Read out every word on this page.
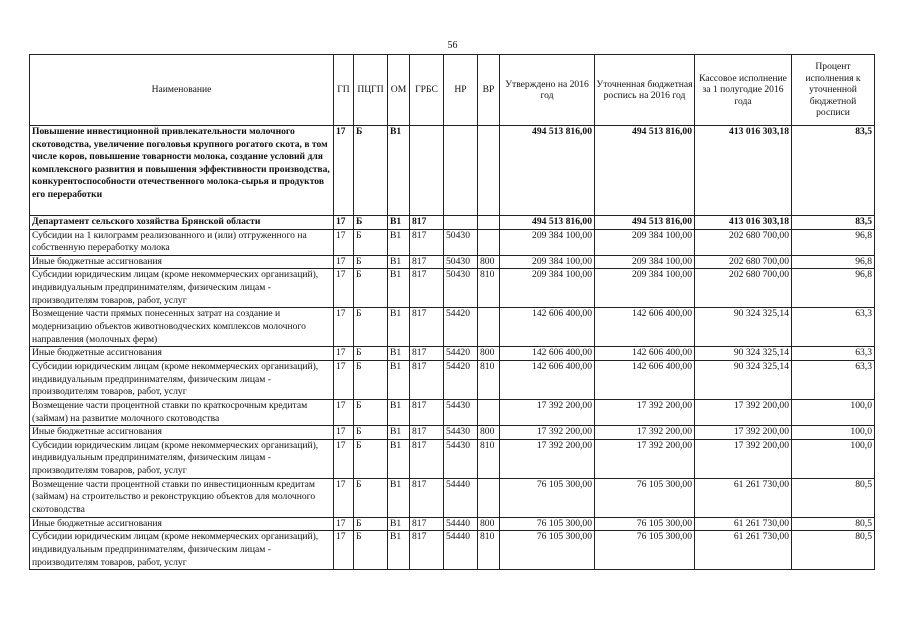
56
Наименование	ГП	ПЦГП	ОМ	ГРБС	НР	ВР	Утверждено на 2016 год	Уточненная бюджетная роспись на 2016 год	Кассовое исполнение за 1 полугодие 2016 года	Процент исполнения к уточненной бюджетной росписи
Повышение инвестиционной привлекательности молочного скотоводства, увеличение поголовья крупного рогатого скота, в том числе коров, повышение товарности молока, создание условий для комплексного развития и повышения эффективности производства, конкурентоспособности отечественного молока-сырья и продуктов его переработки	17	Б	В1				494 513 816,00	494 513 816,00	413 016 303,18	83,5
Департамент сельского хозяйства Брянской области	17	Б	В1	817			494 513 816,00	494 513 816,00	413 016 303,18	83,5
Субсидии на 1 килограмм реализованного и (или) отгруженного на собственную переработку молока	17	Б	В1	817	50430		209 384 100,00	209 384 100,00	202 680 700,00	96,8
Иные бюджетные ассигнования	17	Б	В1	817	50430	800	209 384 100,00	209 384 100,00	202 680 700,00	96,8
Субсидии юридическим лицам (кроме некоммерческих организаций), индивидуальным предпринимателям, физическим лицам - производителям товаров, работ, услуг	17	Б	В1	817	50430	810	209 384 100,00	209 384 100,00	202 680 700,00	96,8
Возмещение части прямых понесенных затрат на создание и модернизацию объектов животноводческих комплексов молочного направления (молочных ферм)	17	Б	В1	817	54420		142 606 400,00	142 606 400,00	90 324 325,14	63,3
Иные бюджетные ассигнования	17	Б	В1	817	54420	800	142 606 400,00	142 606 400,00	90 324 325,14	63,3
Субсидии юридическим лицам (кроме некоммерческих организаций), индивидуальным предпринимателям, физическим лицам - производителям товаров, работ, услуг	17	Б	В1	817	54420	810	142 606 400,00	142 606 400,00	90 324 325,14	63,3
Возмещение части процентной ставки по краткосрочным кредитам (займам) на развитие молочного скотоводства	17	Б	В1	817	54430		17 392 200,00	17 392 200,00	17 392 200,00	100,0
Иные бюджетные ассигнования	17	Б	В1	817	54430	800	17 392 200,00	17 392 200,00	17 392 200,00	100,0
Субсидии юридическим лицам (кроме некоммерческих организаций), индивидуальным предпринимателям, физическим лицам - производителям товаров, работ, услуг	17	Б	В1	817	54430	810	17 392 200,00	17 392 200,00	17 392 200,00	100,0
Возмещение части процентной ставки по инвестиционным кредитам (займам) на строительство и реконструкцию объектов для молочного скотоводства	17	Б	В1	817	54440		76 105 300,00	76 105 300,00	61 261 730,00	80,5
Иные бюджетные ассигнования	17	Б	В1	817	54440	800	76 105 300,00	76 105 300,00	61 261 730,00	80,5
Субсидии юридическим лицам (кроме некоммерческих организаций), индивидуальным предпринимателям, физическим лицам - производителям товаров, работ, услуг	17	Б	В1	817	54440	810	76 105 300,00	76 105 300,00	61 261 730,00	80,5
